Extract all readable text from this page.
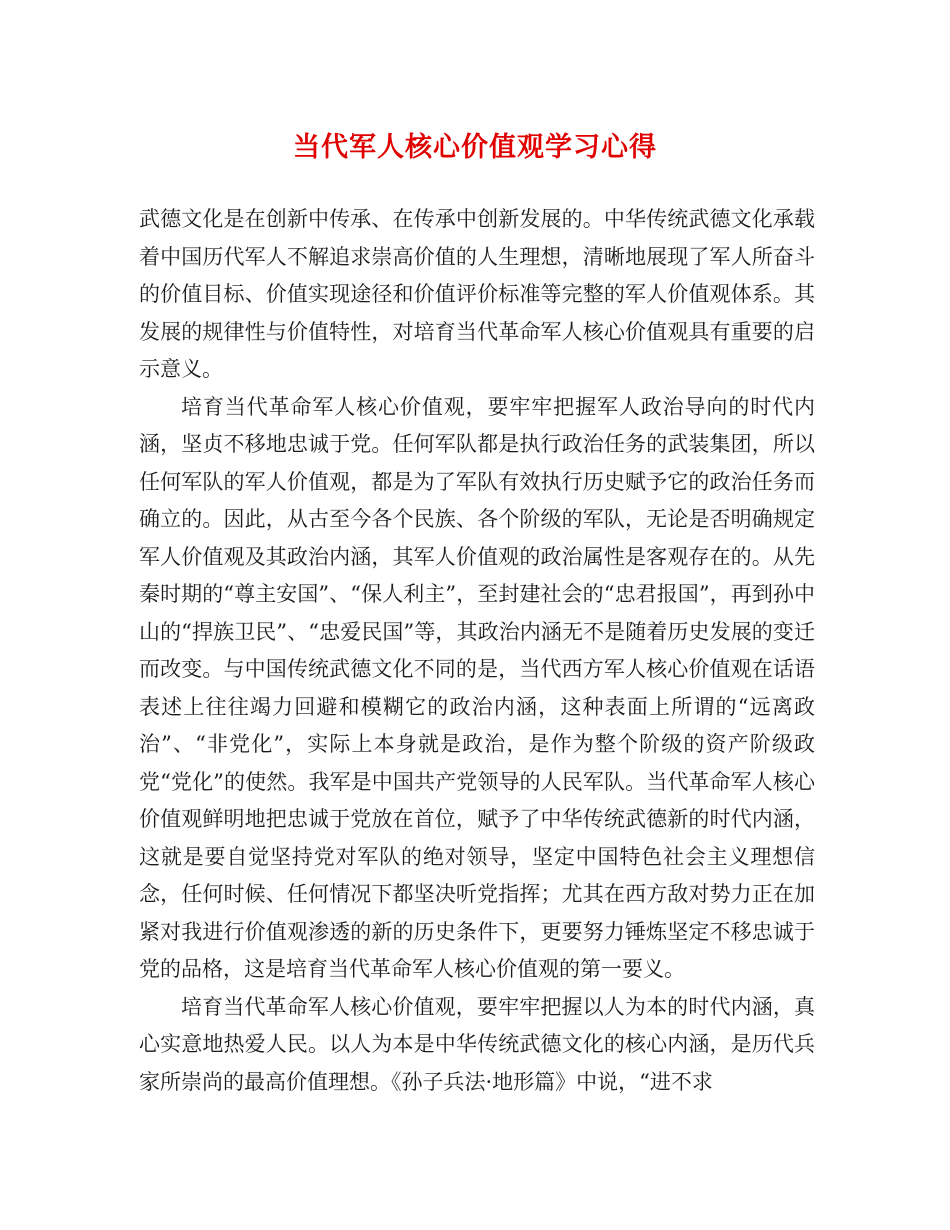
当代军人核心价值观学习心得

武德文化是在创新中传承、在传承中创新发展的。中华传统武德文化承载着中国历代军人不解追求崇高价值的人生理想，清晰地展现了军人所奋斗的价值目标、价值实现途径和价值评价标准等完整的军人价值观体系。其发展的规律性与价值特性，对培育当代革命军人核心价值观具有重要的启示意义。

培育当代革命军人核心价值观，要牢牢把握军人政治导向的时代内涵，坚贞不移地忠诚于党。任何军队都是执行政治任务的武装集团，所以任何军队的军人价值观，都是为了军队有效执行历史赋予它的政治任务而确立的。因此，从古至今各个民族、各个阶级的军队，无论是否明确规定军人价值观及其政治内涵，其军人价值观的政治属性是客观存在的。从先秦时期的“尊主安国”、“保人利主”，至封建社会的“忠君报国”，再到孙中山的“捍族卫民”、“忠爱民国”等，其政治内涵无不是随着历史发展的变迁而改变。与中国传统武德文化不同的是，当代西方军人核心价值观在话语表述上往往竭力回避和模糊它的政治内涵，这种表面上所谓的“远离政治”、“非党化”，实际上本身就是政治，是作为整个阶级的资产阶级政党“党化”的使然。我军是中国共产党领导的人民军队。当代革命军人核心价值观鲜明地把忠诚于党放在首位，赋予了中华传统武德新的时代内涵，这就是要自觉坚持党对军队的绝对领导，坚定中国特色社会主义理想信念，任何时候、任何情况下都坚决听党指挥；尤其在西方敌对势力正在加紧对我进行价值观渗透的新的历史条件下，更要努力锤炼坚定不移忠诚于党的品格，这是培育当代革命军人核心价值观的第一要义。

培育当代革命军人核心价值观，要牢牢把握以人为本的时代内涵，真心实意地热爱人民。以人为本是中华传统武德文化的核心内涵，是历代兵家所崇尚的最高价值理想。《孙子兵法·地形篇》中说，“进不求
